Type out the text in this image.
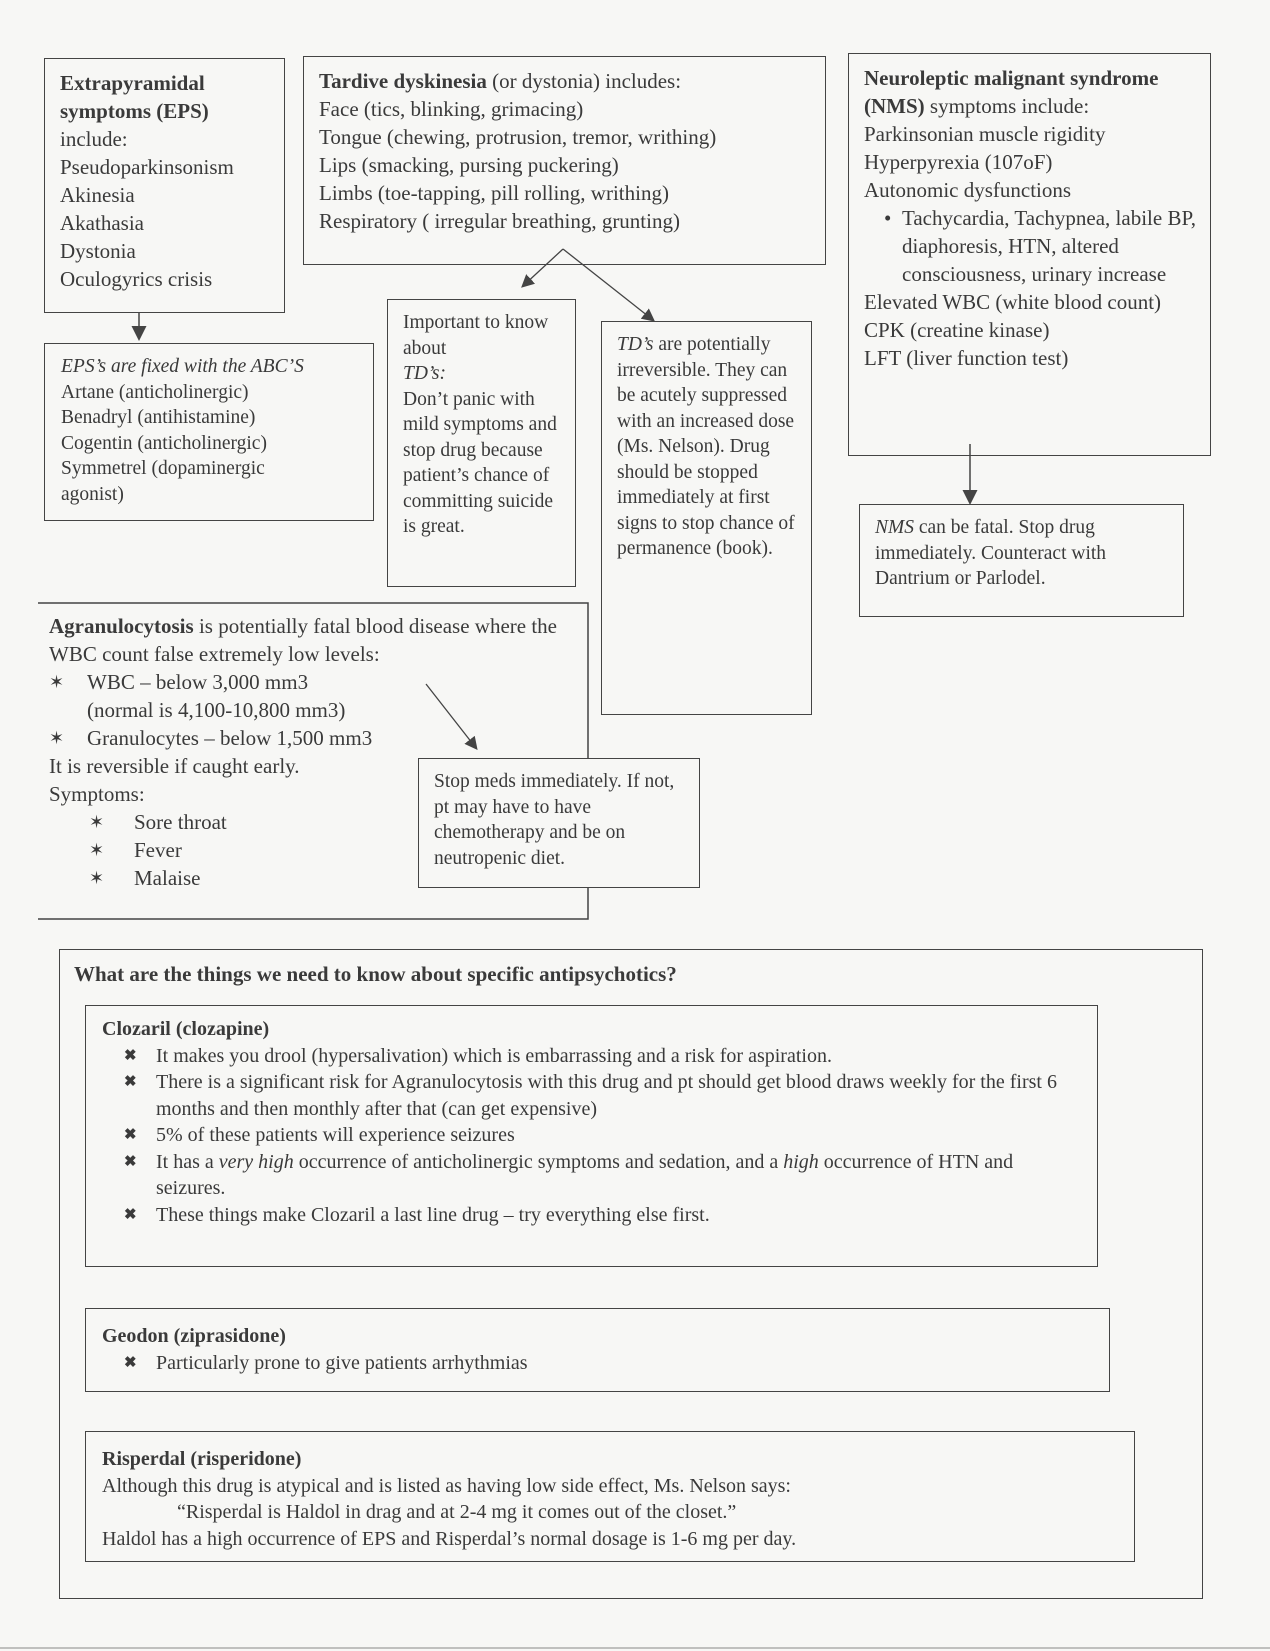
Extrapyramidal symptoms (EPS)
include:
Pseudoparkinsonism
Akinesia
Akathasia
Dystonia
Oculogyrics crisis
EPS’s are fixed with the ABC’S
Artane (anticholinergic)
Benadryl (antihistamine)
Cogentin (anticholinergic)
Symmetrel (dopaminergic agonist)
Tardive dyskinesia (or dystonia) includes:
Face (tics, blinking, grimacing)
Tongue (chewing, protrusion, tremor, writhing)
Lips (smacking, pursing puckering)
Limbs (toe-tapping, pill rolling, writhing)
Respiratory ( irregular breathing, grunting)
Important to know about
TD’s:
Don’t panic with mild symptoms and stop drug because patient’s chance of committing suicide is great.
TD’s are potentially irreversible. They can be acutely suppressed with an increased dose (Ms. Nelson). Drug should be stopped immediately at first signs to stop chance of permanence (book).
Neuroleptic malignant syndrome (NMS) symptoms include:
Parkinsonian muscle rigidity
Hyperpyrexia (107oF)
Autonomic dysfunctions
• Tachycardia, Tachypnea, labile BP, diaphoresis, HTN, altered consciousness, urinary increase
Elevated WBC (white blood count) CPK (creatine kinase)
LFT (liver function test)
NMS can be fatal. Stop drug immediately. Counteract with Dantrium or Parlodel.
Agranulocytosis is potentially fatal blood disease where the WBC count false extremely low levels:
✶	WBC – below 3,000 mm3
(normal is 4,100-10,800 mm3)
✶	Granulocytes – below 1,500 mm3
It is reversible if caught early.
Symptoms:
✶	Sore throat
✶	Fever
✶	Malaise
Stop meds immediately. If not, pt may have to have chemotherapy and be on neutropenic diet.
What are the things we need to know about specific antipsychotics?
Clozaril (clozapine)
✖ It makes you drool (hypersalivation) which is embarrassing and a risk for aspiration.
✖ There is a significant risk for Agranulocytosis with this drug and pt should get blood draws weekly for the first 6 months and then monthly after that (can get expensive)
✖ 5% of these patients will experience seizures
✖ It has a very high occurrence of anticholinergic symptoms and sedation, and a high occurrence of HTN and seizures.
✖ These things make Clozaril a last line drug – try everything else first.
Geodon (ziprasidone)
✖ Particularly prone to give patients arrhythmias
Risperdal (risperidone)
Although this drug is atypical and is listed as having low side effect, Ms. Nelson says:
“Risperdal is Haldol in drag and at 2-4 mg it comes out of the closet.”
Haldol has a high occurrence of EPS and Risperdal’s normal dosage is 1-6 mg per day.
